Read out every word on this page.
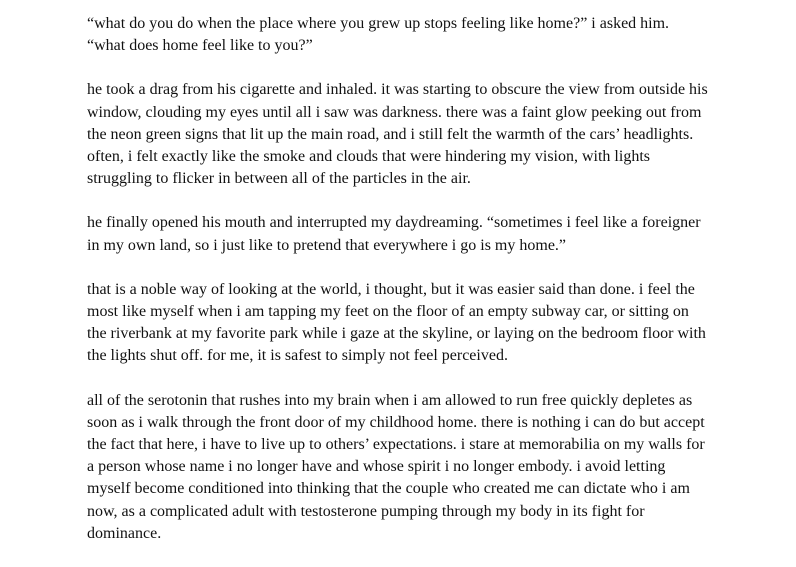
“what do you do when the place where you grew up stops feeling like home?” i asked him.
“what does home feel like to you?”

he took a drag from his cigarette and inhaled. it was starting to obscure the view from outside his
window, clouding my eyes until all i saw was darkness. there was a faint glow peeking out from
the neon green signs that lit up the main road, and i still felt the warmth of the cars’ headlights.
often, i felt exactly like the smoke and clouds that were hindering my vision, with lights
struggling to flicker in between all of the particles in the air.

he finally opened his mouth and interrupted my daydreaming. “sometimes i feel like a foreigner
in my own land, so i just like to pretend that everywhere i go is my home.”

that is a noble way of looking at the world, i thought, but it was easier said than done. i feel the
most like myself when i am tapping my feet on the floor of an empty subway car, or sitting on
the riverbank at my favorite park while i gaze at the skyline, or laying on the bedroom floor with
the lights shut off. for me, it is safest to simply not feel perceived.

all of the serotonin that rushes into my brain when i am allowed to run free quickly depletes as
soon as i walk through the front door of my childhood home. there is nothing i can do but accept
the fact that here, i have to live up to others’ expectations. i stare at memorabilia on my walls for
a person whose name i no longer have and whose spirit i no longer embody. i avoid letting
myself become conditioned into thinking that the couple who created me can dictate who i am
now, as a complicated adult with testosterone pumping through my body in its fight for
dominance.
